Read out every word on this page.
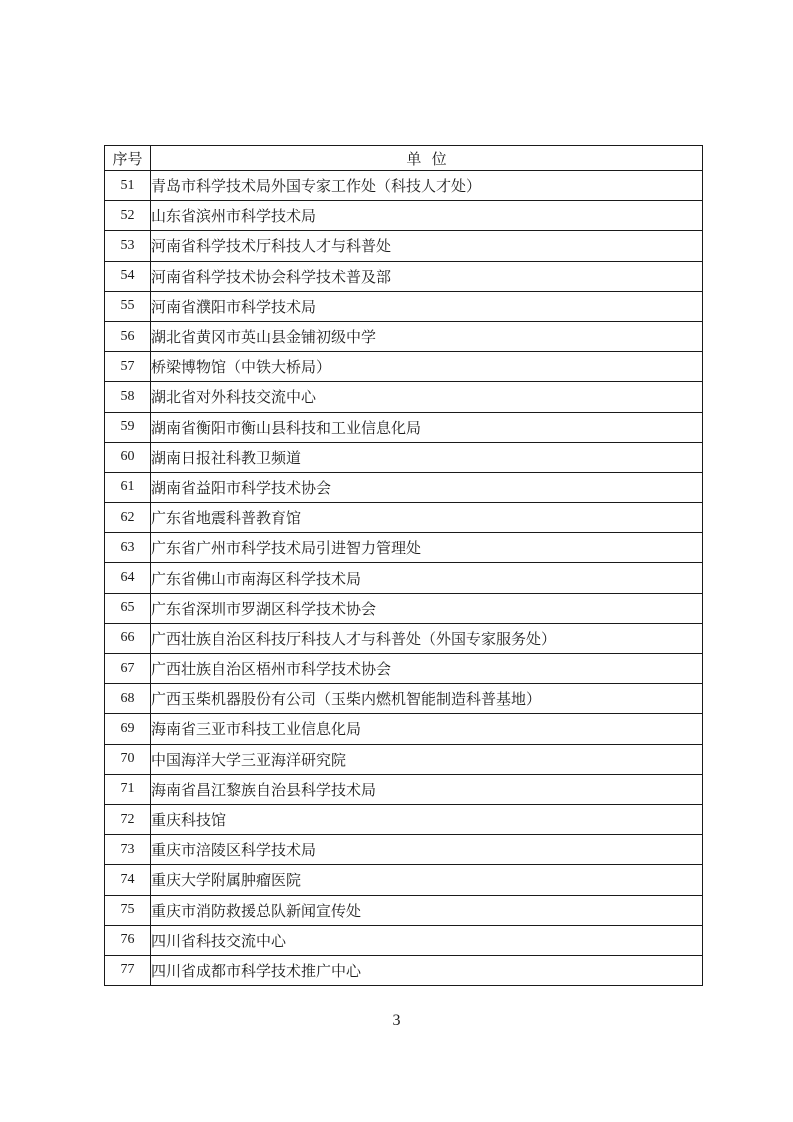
序号	单 位
51	青岛市科学技术局外国专家工作处（科技人才处）
52	山东省滨州市科学技术局
53	河南省科学技术厅科技人才与科普处
54	河南省科学技术协会科学技术普及部
55	河南省濮阳市科学技术局
56	湖北省黄冈市英山县金铺初级中学
57	桥梁博物馆（中铁大桥局）
58	湖北省对外科技交流中心
59	湖南省衡阳市衡山县科技和工业信息化局
60	湖南日报社科教卫频道
61	湖南省益阳市科学技术协会
62	广东省地震科普教育馆
63	广东省广州市科学技术局引进智力管理处
64	广东省佛山市南海区科学技术局
65	广东省深圳市罗湖区科学技术协会
66	广西壮族自治区科技厅科技人才与科普处（外国专家服务处）
67	广西壮族自治区梧州市科学技术协会
68	广西玉柴机器股份有公司（玉柴内燃机智能制造科普基地）
69	海南省三亚市科技工业信息化局
70	中国海洋大学三亚海洋研究院
71	海南省昌江黎族自治县科学技术局
72	重庆科技馆
73	重庆市涪陵区科学技术局
74	重庆大学附属肿瘤医院
75	重庆市消防救援总队新闻宣传处
76	四川省科技交流中心
77	四川省成都市科学技术推广中心
3
